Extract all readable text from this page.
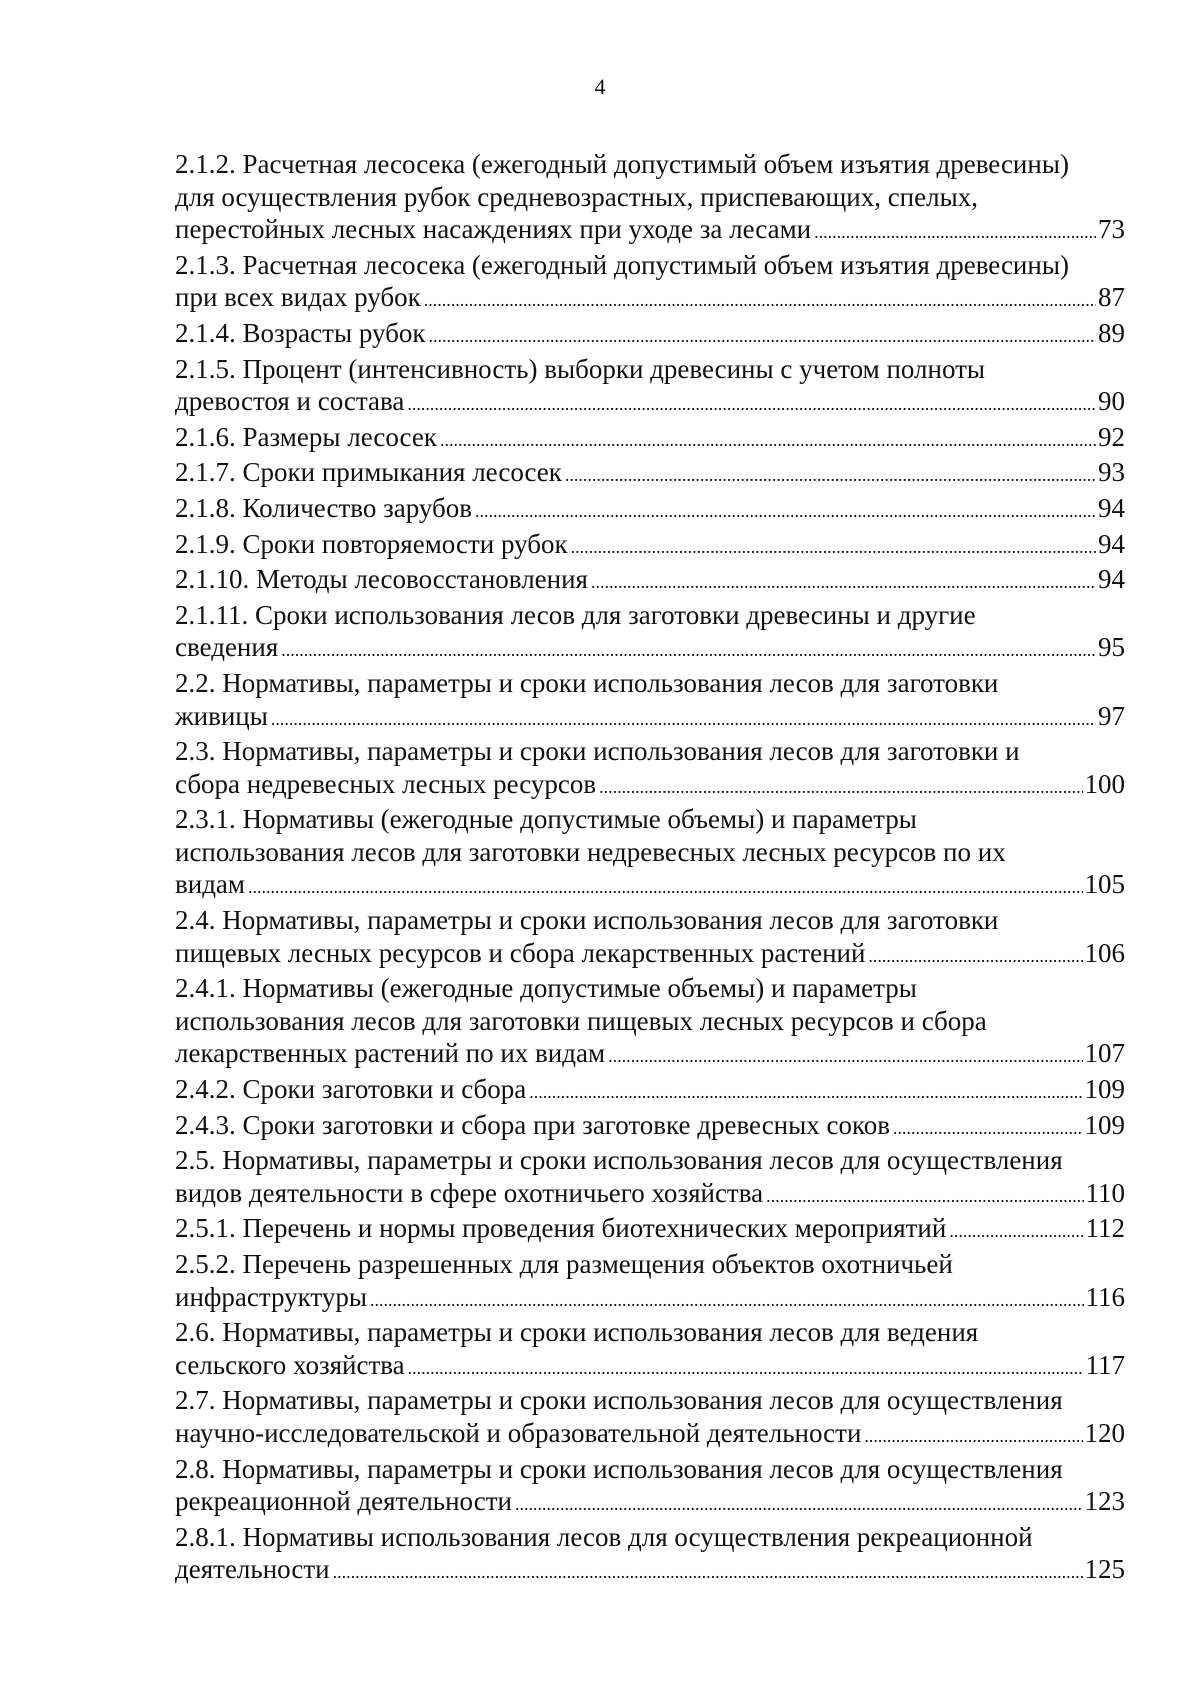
4
2.1.2. Расчетная лесосека (ежегодный допустимый объем изъятия древесины)
для осуществления рубок средневозрастных, приспевающих, спелых,
перестойных лесных насаждениях при уходе за лесами .....	73
2.1.3. Расчетная лесосека (ежегодный допустимый объем изъятия древесины)
при всех видах рубок .....	87
2.1.4. Возрасты рубок .....	89
2.1.5. Процент (интенсивность) выборки древесины с учетом полноты
древостоя и состава .....	90
2.1.6. Размеры лесосек .....	92
2.1.7. Сроки примыкания лесосек .....	93
2.1.8. Количество зарубов .....	94
2.1.9. Сроки повторяемости рубок .....	94
2.1.10. Методы лесовосстановления .....	94
2.1.11. Сроки использования лесов для заготовки древесины и другие
сведения .....	95
2.2. Нормативы, параметры и сроки использования лесов для заготовки
живицы .....	97
2.3. Нормативы, параметры и сроки использования лесов для заготовки и
сбора недревесных лесных ресурсов .....	100
2.3.1. Нормативы (ежегодные допустимые объемы) и параметры
использования лесов для заготовки недревесных лесных ресурсов по их
видам .....	105
2.4. Нормативы, параметры и сроки использования лесов для заготовки
пищевых лесных ресурсов и сбора лекарственных растений .....	106
2.4.1. Нормативы (ежегодные допустимые объемы) и параметры
использования лесов для заготовки пищевых лесных ресурсов и сбора
лекарственных растений по их видам .....	107
2.4.2. Сроки заготовки и сбора .....	109
2.4.3. Сроки заготовки и сбора при заготовке древесных соков .....	109
2.5. Нормативы, параметры и сроки использования лесов для осуществления
видов деятельности в сфере охотничьего хозяйства .....	110
2.5.1. Перечень и нормы проведения биотехнических мероприятий .....	112
2.5.2. Перечень разрешенных для размещения объектов охотничьей
инфраструктуры .....	116
2.6. Нормативы, параметры и сроки использования лесов для ведения
сельского хозяйства .....	117
2.7. Нормативы, параметры и сроки использования лесов для осуществления
научно-исследовательской и образовательной деятельности .....	120
2.8. Нормативы, параметры и сроки использования лесов для осуществления
рекреационной деятельности .....	123
2.8.1. Нормативы использования лесов для осуществления рекреационной
деятельности .....	125
